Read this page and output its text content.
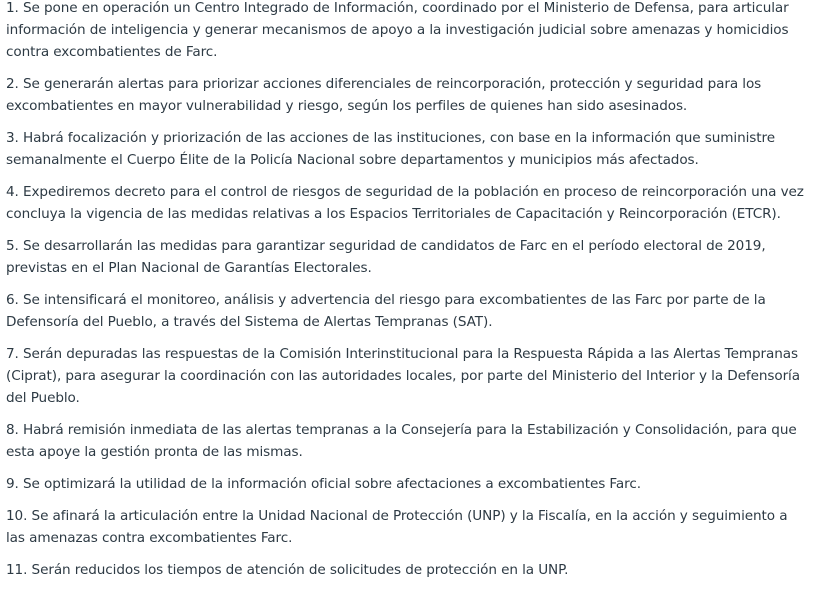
1. Se pone en operación un Centro Integrado de Información, coordinado por el Ministerio de Defensa, para articular información de inteligencia y generar mecanismos de apoyo a la investigación judicial sobre amenazas y homicidios contra excombatientes de Farc.

2. Se generarán alertas para priorizar acciones diferenciales de reincorporación, protección y seguridad para los excombatientes en mayor vulnerabilidad y riesgo, según los perfiles de quienes han sido asesinados.

3. Habrá focalización y priorización de las acciones de las instituciones, con base en la información que suministre semanalmente el Cuerpo Élite de la Policía Nacional sobre departamentos y municipios más afectados.

4. Expediremos decreto para el control de riesgos de seguridad de la población en proceso de reincorporación una vez concluya la vigencia de las medidas relativas a los Espacios Territoriales de Capacitación y Reincorporación (ETCR).

5. Se desarrollarán las medidas para garantizar seguridad de candidatos de Farc en el período electoral de 2019, previstas en el Plan Nacional de Garantías Electorales.

6. Se intensificará el monitoreo, análisis y advertencia del riesgo para excombatientes de las Farc por parte de la Defensoría del Pueblo, a través del Sistema de Alertas Tempranas (SAT).

7. Serán depuradas las respuestas de la Comisión Interinstitucional para la Respuesta Rápida a las Alertas Tempranas (Ciprat), para asegurar la coordinación con las autoridades locales, por parte del Ministerio del Interior y la Defensoría del Pueblo.

8. Habrá remisión inmediata de las alertas tempranas a la Consejería para la Estabilización y Consolidación, para que esta apoye la gestión pronta de las mismas.

9. Se optimizará la utilidad de la información oficial sobre afectaciones a excombatientes Farc.

10. Se afinará la articulación entre la Unidad Nacional de Protección (UNP) y la Fiscalía, en la acción y seguimiento a las amenazas contra excombatientes Farc.

11. Serán reducidos los tiempos de atención de solicitudes de protección en la UNP.
